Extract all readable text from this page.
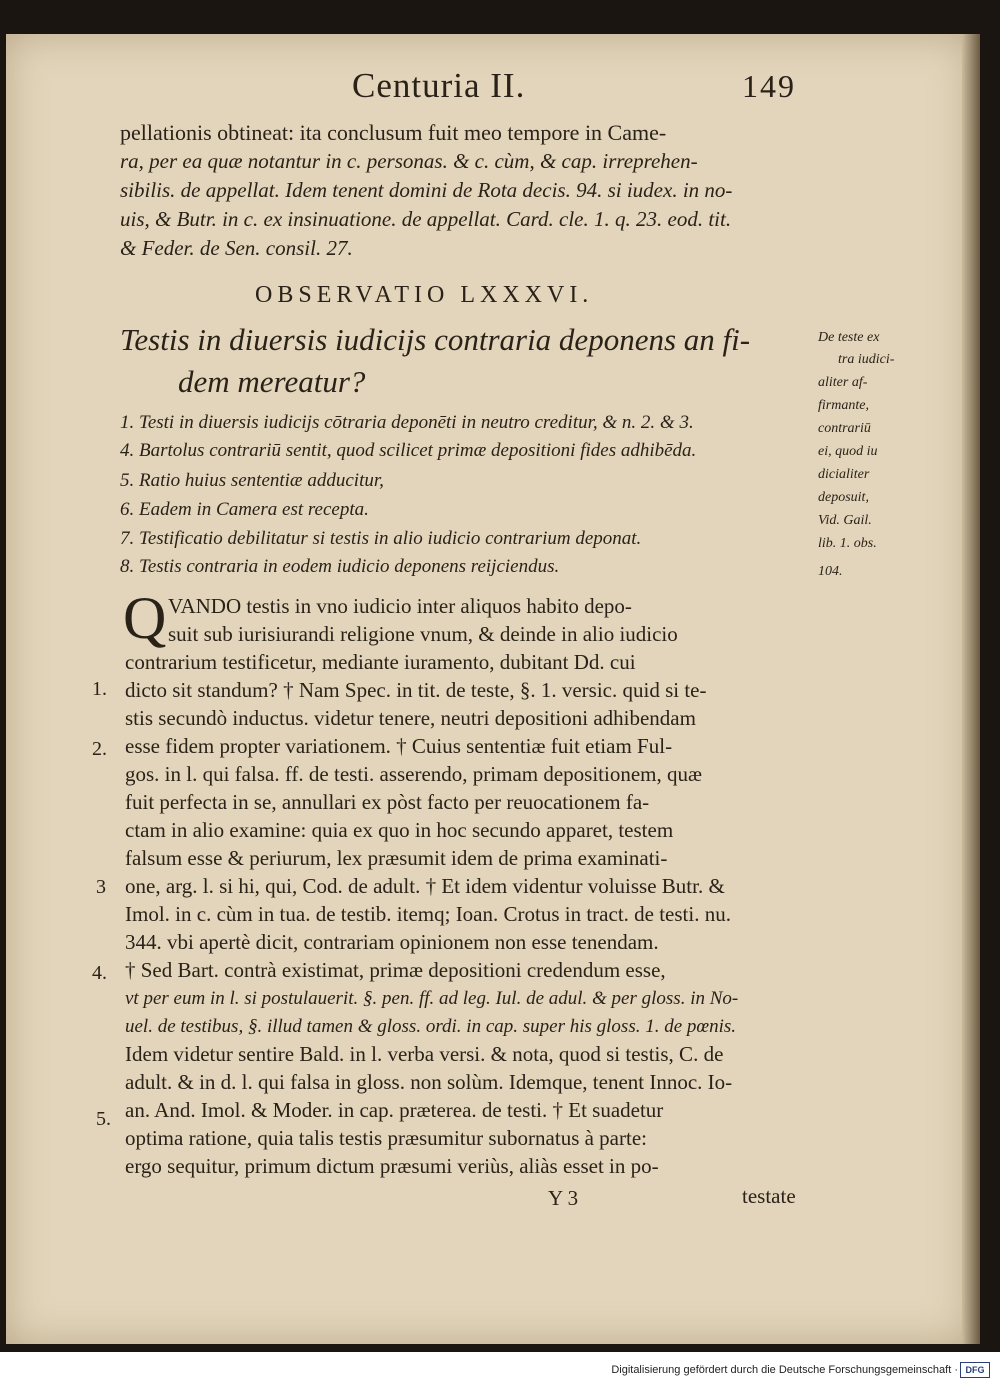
Centuria II.	149
pellationis obtineat: ita conclusum fuit meo tempore in Came-
ra, per ea quæ notantur in c. personas. & c. cùm, & cap. irreprehen-
sibilis. de appellat. Idem tenent domini de Rota decis. 94. si iudex. in no-
uis, & Butr. in c. ex insinuatione. de appellat. Card. cle. 1. q. 23. eod. tit.
& Feder. de Sen. consil. 27.
OBSERVATIO LXXXVI.
Testis in diuersis iudicijs contraria deponens an fi-
dem mereatur?
1. Testi in diuersis iudicijs cōtraria deponēti in neutro creditur, & n. 2. & 3.
4. Bartolus contrariū sentit, quod scilicet primæ depositioni fides adhibēda.
5. Ratio huius sententiæ adducitur,
6. Eadem in Camera est recepta.
7. Testificatio debilitatur si testis in alio iudicio contrarium deponat.
8. Testis contraria in eodem iudicio deponens reijciendus.
De teste ex
tra iudici-
aliter af-
firmante,
contrariū
ei, quod iu
dicialiter
deposuit,
Vid. Gail.
lib. 1. obs.
104.
Q VANDO testis in vno iudicio inter aliquos habito depo-
suit sub iurisiurandi religione vnum, & deinde in alio iudicio
contrarium testificetur, mediante iuramento, dubitant Dd. cui
dicto sit standum? † Nam Spec. in tit. de teste, §. 1. versic. quid si te-
stis secundò inductus. videtur tenere, neutri depositioni adhibendam
esse fidem propter variationem. † Cuius sententiæ fuit etiam Ful-
gos. in l. qui falsa. ff. de testi. asserendo, primam depositionem, quæ
fuit perfecta in se, annullari ex pòst facto per reuocationem fa-
ctam in alio examine: quia ex quo in hoc secundo apparet, testem
falsum esse & periurum, lex præsumit idem de prima examinati-
one, arg. l. si hi, qui, Cod. de adult. † Et idem videntur voluisse Butr. &
Imol. in c. cùm in tua. de testib. itemq; Ioan. Crotus in tract. de testi. nu.
344. vbi apertè dicit, contrariam opinionem non esse tenendam.
† Sed Bart. contrà existimat, primæ depositioni credendum esse,
vt per eum in l. si postulauerit. §. pen. ff. ad leg. Iul. de adul. & per gloss. in No-
uel. de testibus, §. illud tamen & gloss. ordi. in cap. super his gloss. 1. de pœnis.
Idem videtur sentire Bald. in l. verba versi. & nota, quod si testis, C. de
adult. & in d. l. qui falsa in gloss. non solùm. Idemque, tenent Innoc. Io-
an. And. Imol. & Moder. in cap. præterea. de testi. † Et suadetur
optima ratione, quia talis testis præsumitur subornatus à parte:
ergo sequitur, primum dictum præsumi veriùs, aliàs esset in po-
1.
2.
3
4.
5.
Y 3	testate
Digitalisierung gefördert durch die Deutsche Forschungsgemeinschaft · DFG
